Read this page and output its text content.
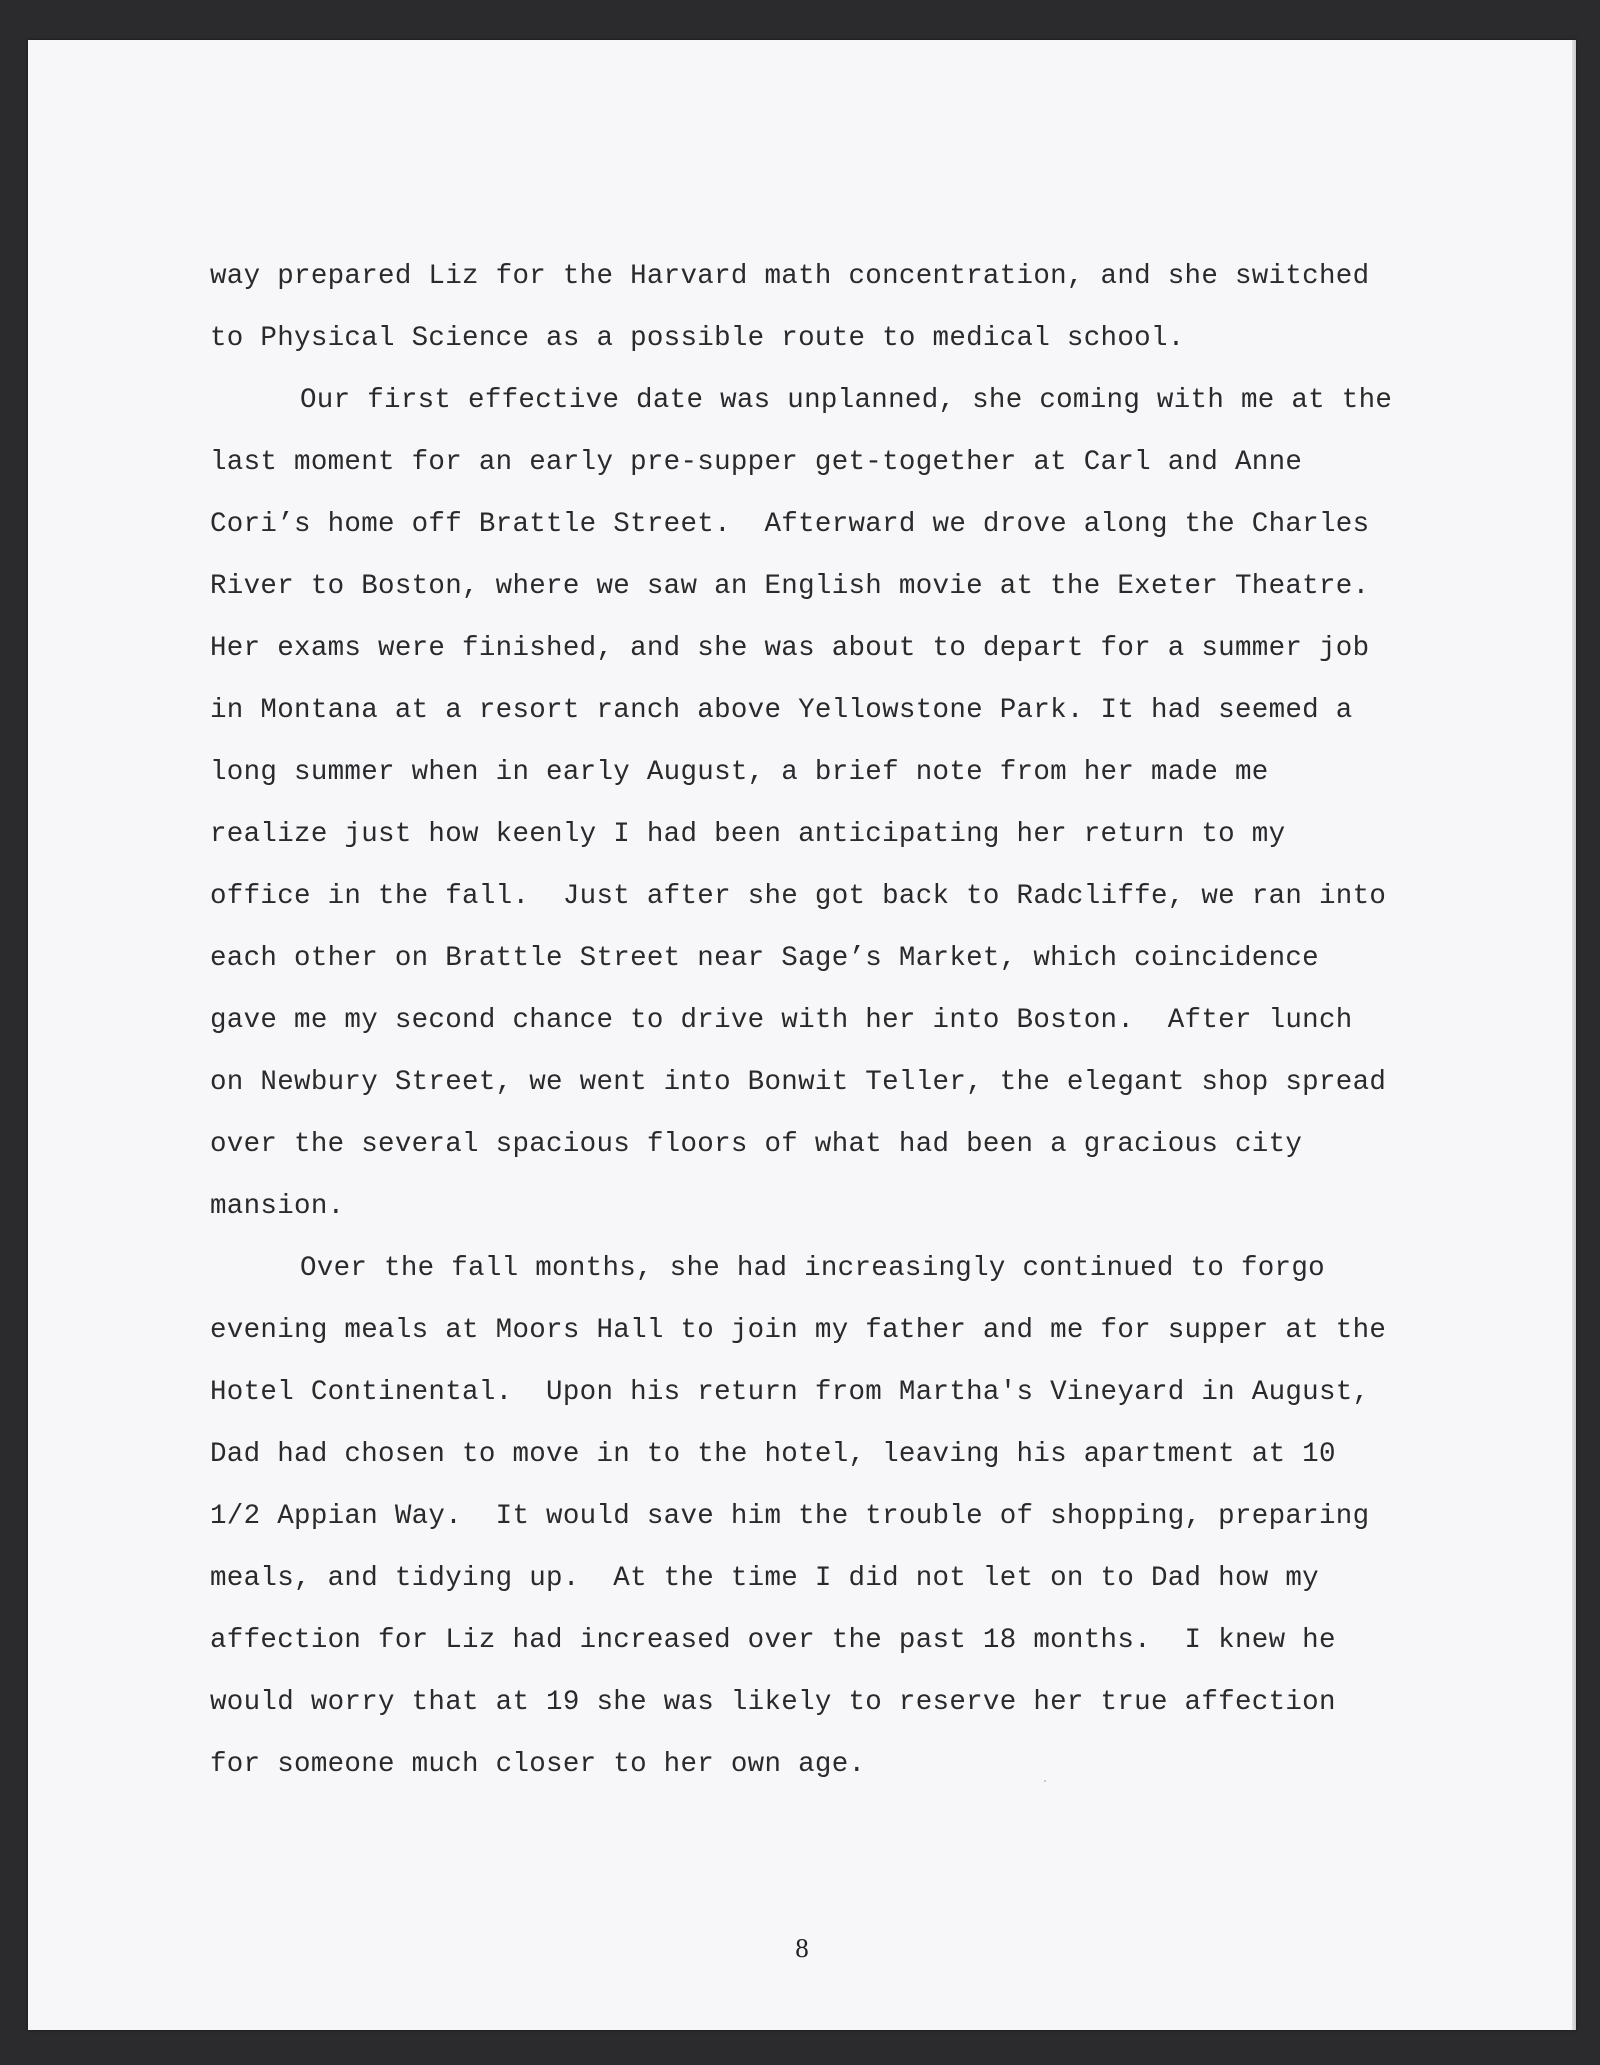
way prepared Liz for the Harvard math concentration, and she switched
to Physical Science as a possible route to medical school.
Our first effective date was unplanned, she coming with me at the
last moment for an early pre-supper get-together at Carl and Anne
Cori’s home off Brattle Street.  Afterward we drove along the Charles
River to Boston, where we saw an English movie at the Exeter Theatre.
Her exams were finished, and she was about to depart for a summer job
in Montana at a resort ranch above Yellowstone Park. It had seemed a
long summer when in early August, a brief note from her made me
realize just how keenly I had been anticipating her return to my
office in the fall.  Just after she got back to Radcliffe, we ran into
each other on Brattle Street near Sage’s Market, which coincidence
gave me my second chance to drive with her into Boston.  After lunch
on Newbury Street, we went into Bonwit Teller, the elegant shop spread
over the several spacious floors of what had been a gracious city
mansion.
Over the fall months, she had increasingly continued to forgo
evening meals at Moors Hall to join my father and me for supper at the
Hotel Continental.  Upon his return from Martha's Vineyard in August,
Dad had chosen to move in to the hotel, leaving his apartment at 10
1/2 Appian Way.  It would save him the trouble of shopping, preparing
meals, and tidying up.  At the time I did not let on to Dad how my
affection for Liz had increased over the past 18 months.  I knew he
would worry that at 19 she was likely to reserve her true affection
for someone much closer to her own age.
8
